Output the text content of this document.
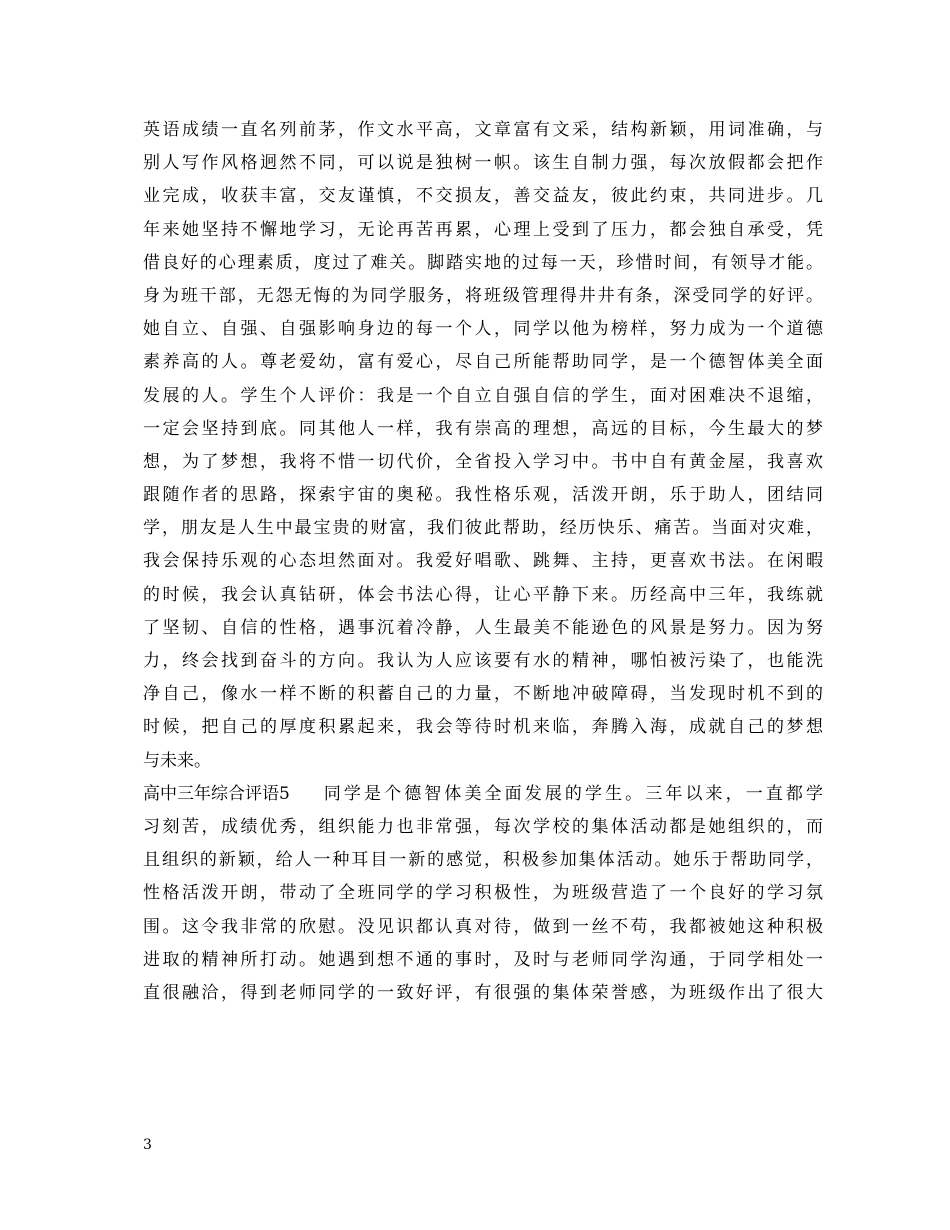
英语成绩一直名列前茅，作文水平高，文章富有文采，结构新颖，用词准确，与
别人写作风格迥然不同，可以说是独树一帜。该生自制力强，每次放假都会把作
业完成，收获丰富，交友谨慎，不交损友，善交益友，彼此约束，共同进步。几
年来她坚持不懈地学习，无论再苦再累，心理上受到了压力，都会独自承受，凭
借良好的心理素质，度过了难关。脚踏实地的过每一天，珍惜时间，有领导才能。
身为班干部，无怨无悔的为同学服务，将班级管理得井井有条，深受同学的好评。
她自立、自强、自强影响身边的每一个人，同学以他为榜样，努力成为一个道德
素养高的人。尊老爱幼，富有爱心，尽自己所能帮助同学，是一个德智体美全面
发展的人。学生个人评价：我是一个自立自强自信的学生，面对困难决不退缩，
一定会坚持到底。同其他人一样，我有崇高的理想，高远的目标，今生最大的梦
想，为了梦想，我将不惜一切代价，全省投入学习中。书中自有黄金屋，我喜欢
跟随作者的思路，探索宇宙的奥秘。我性格乐观，活泼开朗，乐于助人，团结同
学，朋友是人生中最宝贵的财富，我们彼此帮助，经历快乐、痛苦。当面对灾难，
我会保持乐观的心态坦然面对。我爱好唱歌、跳舞、主持，更喜欢书法。在闲暇
的时候，我会认真钻研，体会书法心得，让心平静下来。历经高中三年，我练就
了坚韧、自信的性格，遇事沉着冷静，人生最美不能逊色的风景是努力。因为努
力，终会找到奋斗的方向。我认为人应该要有水的精神，哪怕被污染了，也能洗
净自己，像水一样不断的积蓄自己的力量，不断地冲破障碍，当发现时机不到的
时候，把自己的厚度积累起来，我会等待时机来临，奔腾入海，成就自己的梦想
与未来。
高中三年综合评语5 同学是个德智体美全面发展的学生。三年以来，一直都学
习刻苦，成绩优秀，组织能力也非常强，每次学校的集体活动都是她组织的，而
且组织的新颖，给人一种耳目一新的感觉，积极参加集体活动。她乐于帮助同学，
性格活泼开朗，带动了全班同学的学习积极性，为班级营造了一个良好的学习氛
围。这令我非常的欣慰。没见识都认真对待，做到一丝不苟，我都被她这种积极
进取的精神所打动。她遇到想不通的事时，及时与老师同学沟通，于同学相处一
直很融洽，得到老师同学的一致好评，有很强的集体荣誉感，为班级作出了很大
3
